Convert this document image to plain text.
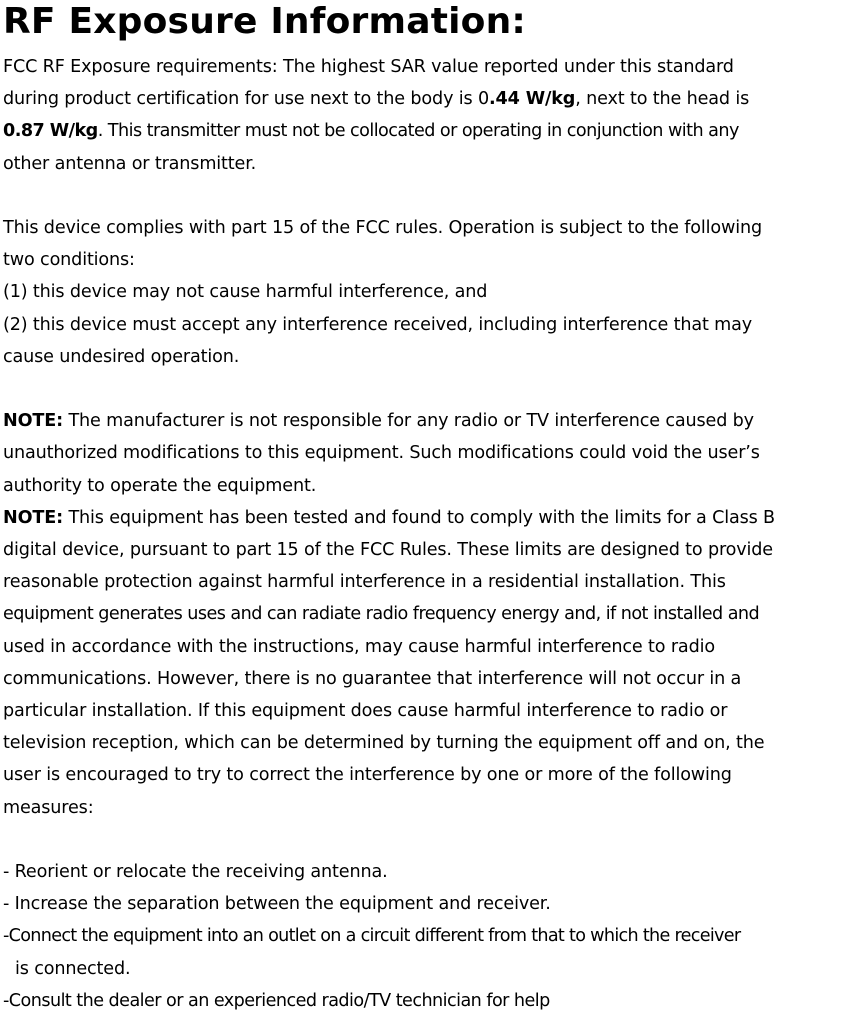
RF Exposure Information:
FCC RF Exposure requirements: The highest SAR value reported under this standard
during product certification for use next to the body is 0.44 W/kg, next to the head is
0.87 W/kg. This transmitter must not be collocated or operating in conjunction with any
other antenna or transmitter.
This device complies with part 15 of the FCC rules. Operation is subject to the following
two conditions:
(1) this device may not cause harmful interference, and
(2) this device must accept any interference received, including interference that may
cause undesired operation.
NOTE: The manufacturer is not responsible for any radio or TV interference caused by
unauthorized modifications to this equipment. Such modifications could void the user’s
authority to operate the equipment.
NOTE: This equipment has been tested and found to comply with the limits for a Class B
digital device, pursuant to part 15 of the FCC Rules. These limits are designed to provide
reasonable protection against harmful interference in a residential installation. This
equipment generates uses and can radiate radio frequency energy and, if not installed and
used in accordance with the instructions, may cause harmful interference to radio
communications. However, there is no guarantee that interference will not occur in a
particular installation. If this equipment does cause harmful interference to radio or
television reception, which can be determined by turning the equipment off and on, the
user is encouraged to try to correct the interference by one or more of the following
measures:
- Reorient or relocate the receiving antenna.
- Increase the separation between the equipment and receiver.
-Connect the equipment into an outlet on a circuit different from that to which the receiver
is connected.
-Consult the dealer or an experienced radio/TV technician for help
